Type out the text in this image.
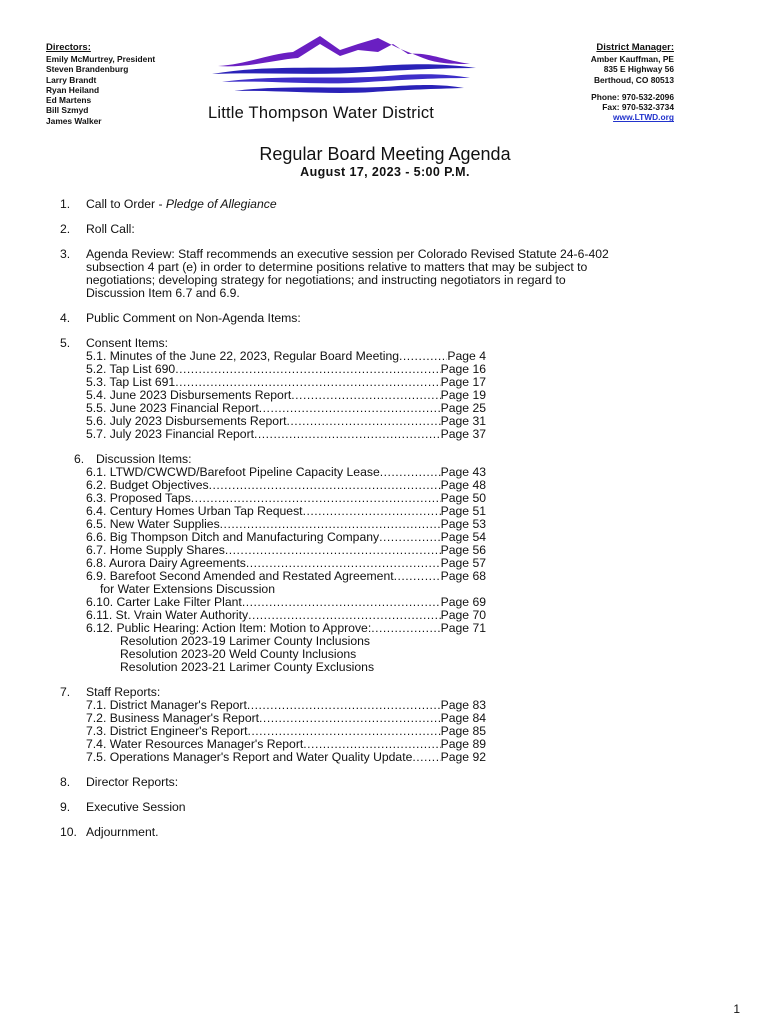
Directors:
Emily McMurtrey, President
Steven Brandenburg
Larry Brandt
Ryan Heiland
Ed Martens
Bill Szmyd
James Walker	Little Thompson Water District
District Manager:
Amber Kauffman, PE
835 E Highway 56
Berthoud, CO 80513
Phone: 970-532-2096
Fax: 970-532-3734
www.LTWD.org
Regular Board Meeting Agenda
August 17, 2023 - 5:00 P.M.
1.	Call to Order - Pledge of Allegiance
2.	Roll Call:
3.	Agenda Review: Staff recommends an executive session per Colorado Revised Statute 24-6-402
subsection 4 part (e) in order to determine positions relative to matters that may be subject to
negotiations; developing strategy for negotiations; and instructing negotiators in regard to
Discussion Item 6.7 and 6.9.
4.	Public Comment on Non-Agenda Items:
5.	Consent Items:
5.1. Minutes of the June 22, 2023, Regular Board Meeting .....	Page 4
5.2. Tap List 690 .....	Page 16
5.3. Tap List 691 .....	Page 17
5.4. June 2023 Disbursements Report .....	Page 19
5.5. June 2023 Financial Report .....	Page 25
5.6. July 2023 Disbursements Report .....	Page 31
5.7. July 2023 Financial Report .....	Page 37
6. Discussion Items:
6.1. LTWD/CWCWD/Barefoot Pipeline Capacity Lease .....	Page 43
6.2. Budget Objectives .....	Page 48
6.3. Proposed Taps .....	Page 50
6.4. Century Homes Urban Tap Request .....	Page 51
6.5. New Water Supplies .....	Page 53
6.6. Big Thompson Ditch and Manufacturing Company .....	Page 54
6.7. Home Supply Shares .....	Page 56
6.8. Aurora Dairy Agreements .....	Page 57
6.9. Barefoot Second Amended and Restated Agreement .....	Page 68
for Water Extensions Discussion
6.10. Carter Lake Filter Plant .....	Page 69
6.11. St. Vrain Water Authority .....	Page 70
6.12. Public Hearing: Action Item: Motion to Approve: .....	Page 71
Resolution 2023-19 Larimer County Inclusions
Resolution 2023-20 Weld County Inclusions
Resolution 2023-21 Larimer County Exclusions
7.	Staff Reports:
7.1. District Manager's Report .....	Page 83
7.2. Business Manager's Report .....	Page 84
7.3. District Engineer's Report .....	Page 85
7.4. Water Resources Manager's Report .....	Page 89
7.5. Operations Manager's Report and Water Quality Update ..... Page 92
8.	Director Reports:
9.	Executive Session
10. Adjournment.
1
